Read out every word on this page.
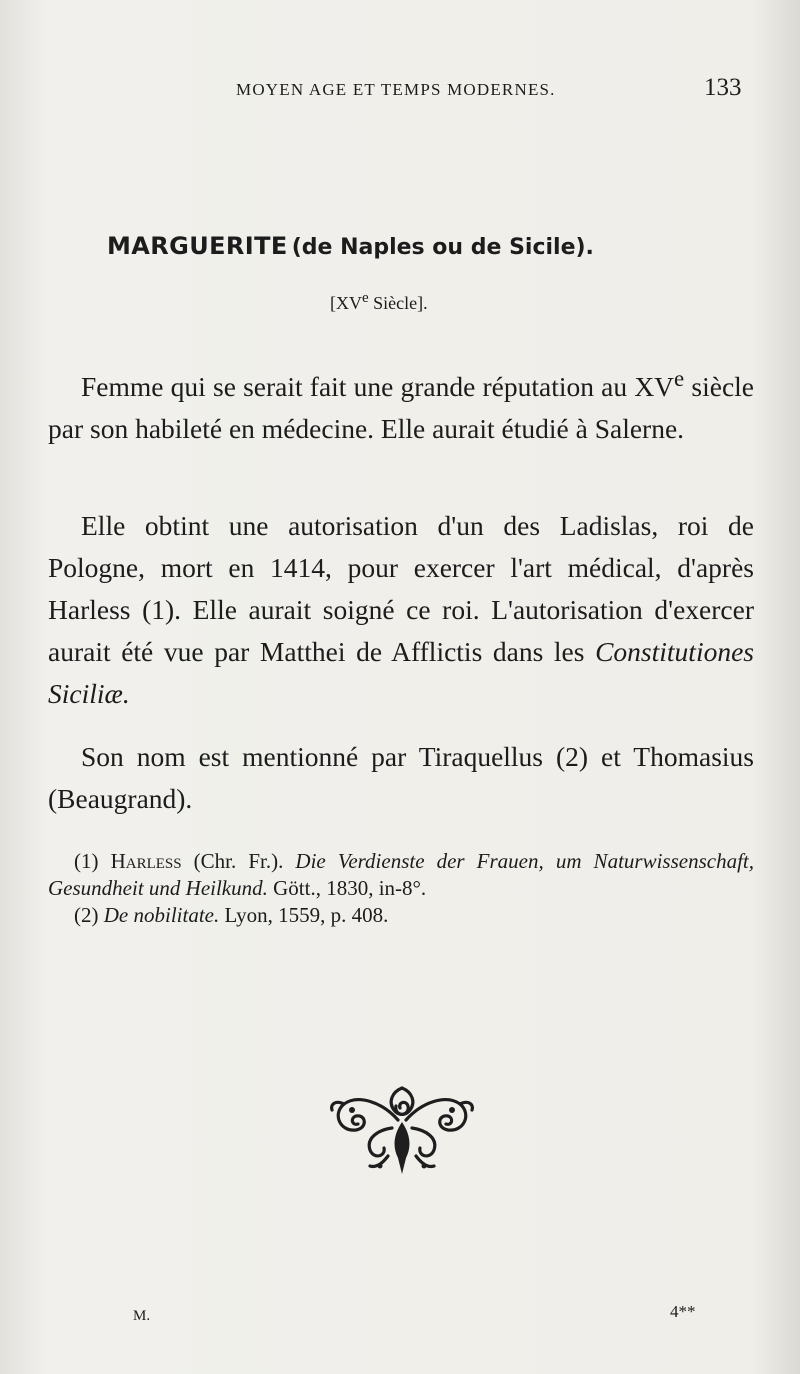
MOYEN AGE ET TEMPS MODERNES.	133
MARGUERITE (de Naples ou de Sicile).
[XVe Siècle].

Femme qui se serait fait une grande réputation au XVe siècle par son habileté en médecine. Elle aurait étudié à Salerne.

Elle obtint une autorisation d'un des Ladislas, roi de Pologne, mort en 1414, pour exercer l'art médical, d'après Harless (1). Elle aurait soigné ce roi. L'autorisation d'exercer aurait été vue par Matthei de Afflictis dans les Constitutiones Siciliæ.

Son nom est mentionné par Tiraquellus (2) et Thomasius (Beaugrand).

(1) Harless (Chr. Fr.). Die Verdienste der Frauen, um Naturwissenschaft, Gesundheit und Heilkund. Gött., 1830, in-8°.

(2) De nobilitate. Lyon, 1559, p. 408.

M.	4**
